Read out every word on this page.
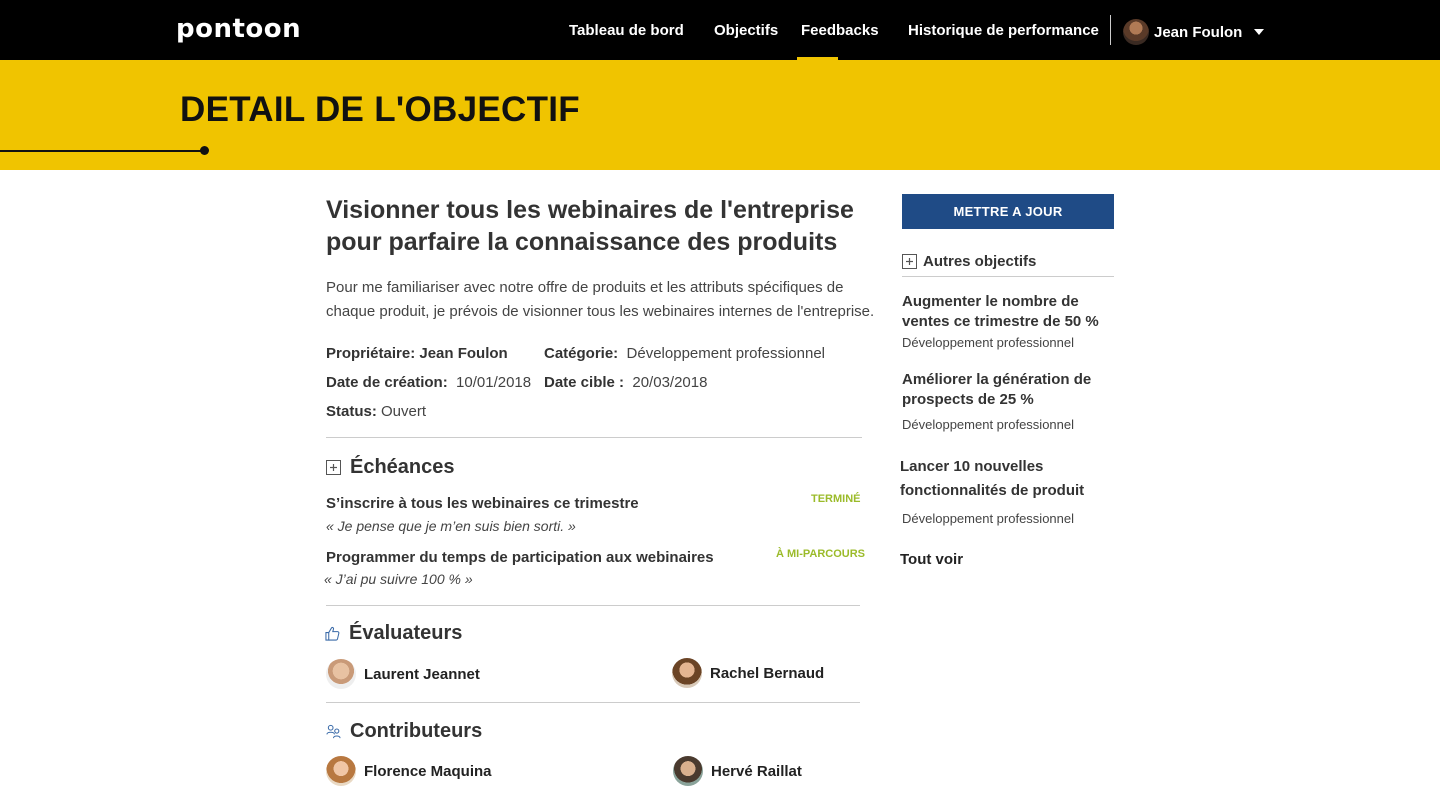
pontoon	Tableau de bord Objectifs Feedbacks Historique de performance	Jean Foulon
DETAIL DE L'OBJECTIF
Visionner tous les webinaires de l'entreprise pour parfaire la connaissance des produits

Pour me familiariser avec notre offre de produits et les attributs spécifiques de chaque produit, je prévois de visionner tous les webinaires internes de l'entreprise.

Propriétaire: Jean Foulon Catégorie: Développement professionnel
Date de création: 10/01/2018 Date cible : 20/03/2018
Status: Ouvert
Échéances
S’inscrire à tous les webinaires ce trimestre
« Je pense que je m’en suis bien sorti. »
TERMINÉ
Programmer du temps de participation aux webinaires
« J’ai pu suivre 100 % »
À MI-PARCOURS
Évaluateurs
Laurent Jeannet	Rachel Bernaud
Contributeurs
Florence Maquina	Hervé Raillat
METTRE A JOUR
Autres objectifs
Augmenter le nombre de ventes ce trimestre de 50 %
Développement professionnel
Améliorer la génération de prospects de 25 %
Développement professionnel
Lancer 10 nouvelles fonctionnalités de produit
Développement professionnel
Tout voir
